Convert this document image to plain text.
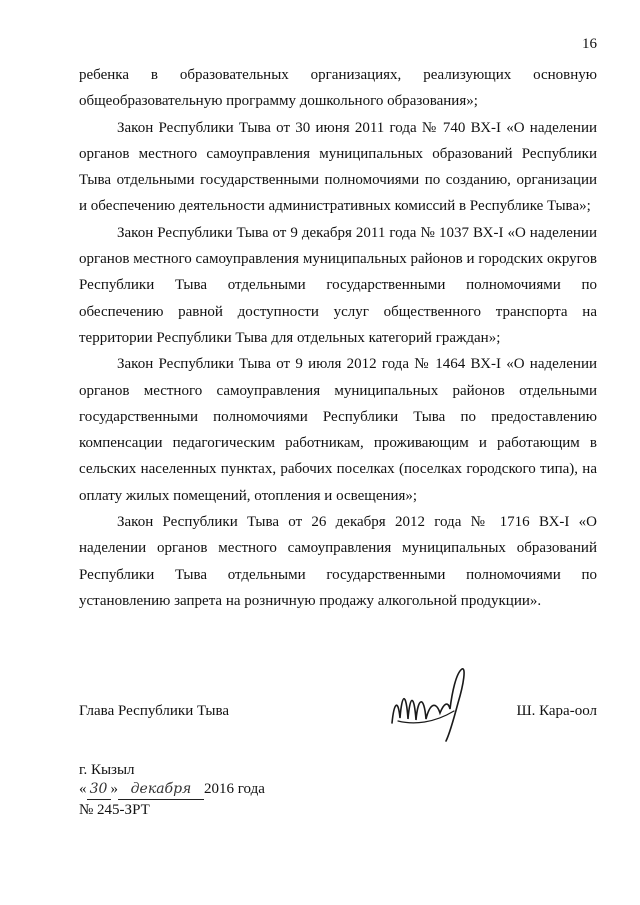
16

ребенка в образовательных организациях, реализующих основную общеобразовательную программу дошкольного образования»;

Закон Республики Тыва от 30 июня 2011 года № 740 ВХ-I «О наделении органов местного самоуправления муниципальных образований Республики Тыва отдельными государственными полномочиями по созданию, организации и обеспечению деятельности административных комиссий в Республике Тыва»;

Закон Республики Тыва от 9 декабря 2011 года № 1037 ВХ-I «О наделении органов местного самоуправления муниципальных районов и городских округов Республики Тыва отдельными государственными полномочиями по обеспечению равной доступности услуг общественного транспорта на территории Республики Тыва для отдельных категорий граждан»;

Закон Республики Тыва от 9 июля 2012 года № 1464 ВХ-I «О наделении органов местного самоуправления муниципальных районов отдельными государственными полномочиями Республики Тыва по предоставлению компенсации педагогическим работникам, проживающим и работающим в сельских населенных пунктах, рабочих поселках (поселках городского типа), на оплату жилых помещений, отопления и освещения»;

Закон Республики Тыва от 26 декабря 2012 года № 1716 ВХ-I «О наделении органов местного самоуправления муниципальных образований Республики Тыва отдельными государственными полномочиями по установлению запрета на розничную продажу алкогольной продукции».

Глава Республики Тыва	Ш. Кара-оол
г. Кызыл
« 30 » декабря 2016 года
№ 245-ЗРТ
